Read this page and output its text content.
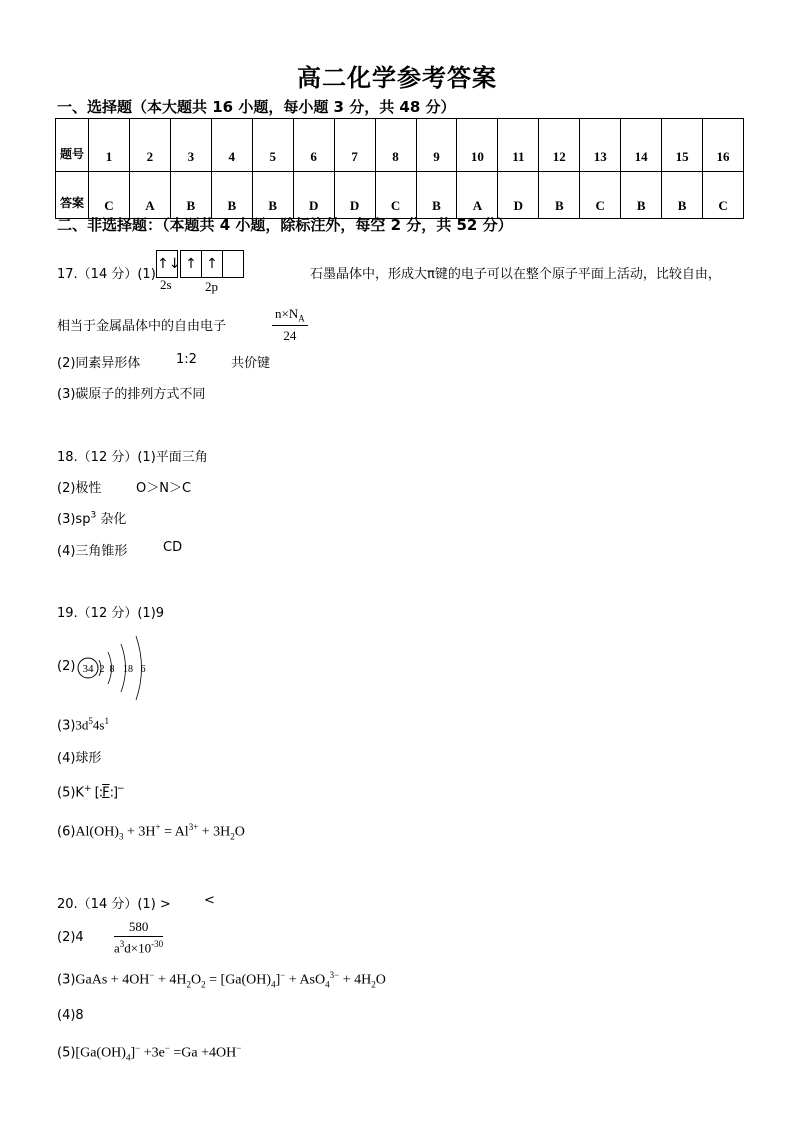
高二化学参考答案
一、选择题（本大题共 16 小题，每小题 3 分，共 48 分）
题号	1	2	3	4	5	6	7	8	9	10	11	12	13	14	15	16
答案	C	A	B	B	B	D	D	C	B	A	D	B	C	B	B	C
二、非选择题：（本题共 4 小题，除标注外，每空 2 分，共 52 分）
17.（14 分）(1)
↑↓ ↑ ↑
2s	2p
石墨晶体中，形成大π键的电子可以在整个原子平面上活动，比较自由，
相当于金属晶体中的自由电子	$\frac{n\times N_A}{24}$
(2)同素异形体	1:2	共价键
(3)碳原子的排列方式不同
18.（12 分）(1)平面三角
(2)极性	O＞N＞C
$(3)sp^3$ 杂化
(4)三角锥形	CD
19.（12 分）(1)9
(2) 34 2 8 18 6
$(3)3d^54s^1$
(4)球形
(5)K+ [:F:]−
$(6)Al(OH)_3 + 3H^+ = Al^{3+} + 3H_2O$
20.（14 分）(1) >	<
$(2)4 \frac{580}{a^3d\times 10^{-30}}$
(3)GaAs + $4OH^- + 4H_2O_2 = [Ga(OH)_4]^- + AsO_4^{3-} + 4H_2O$
(4)8
$(5)[Ga(OH)_4]^- +3e^- =Ga +4OH^-$
